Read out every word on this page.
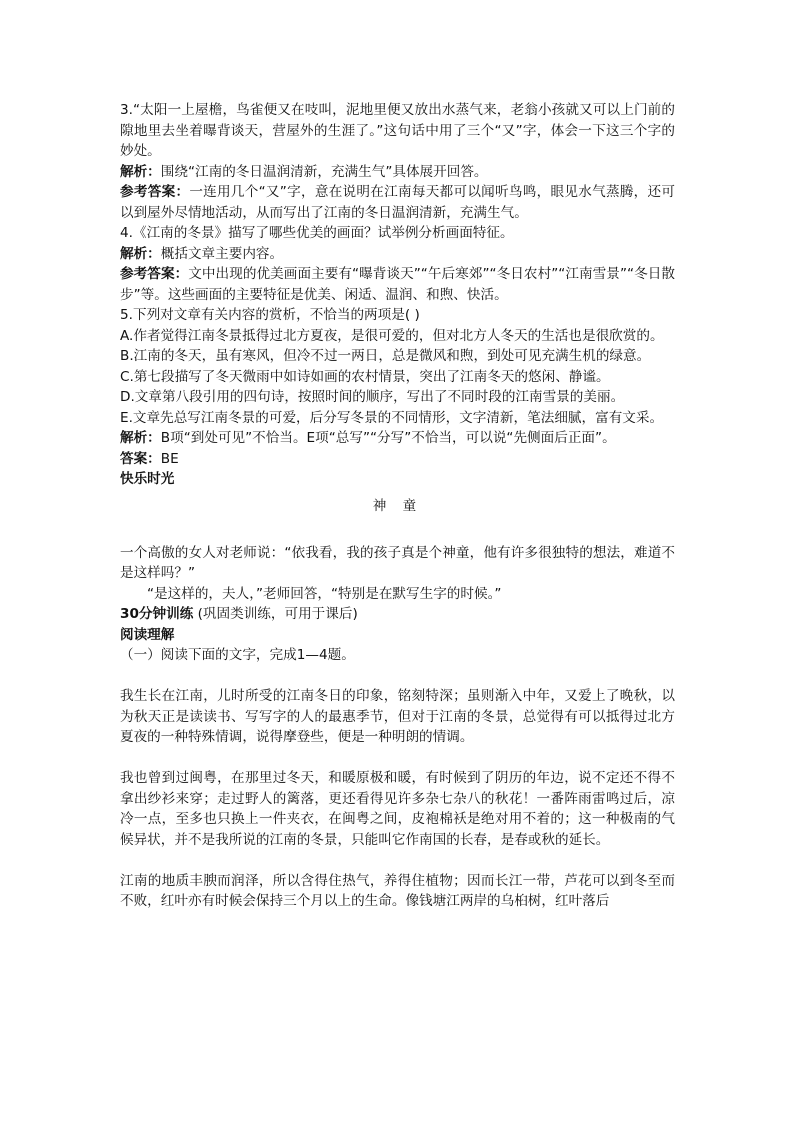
3.“太阳一上屋檐，鸟雀便又在吱叫，泥地里便又放出水蒸气来，老翁小孩就又可以上门前的隙地里去坐着曝背谈天，营屋外的生涯了。”这句话中用了三个“又”字，体会一下这三个字的妙处。

解析：围绕“江南的冬日温润清新，充满生气”具体展开回答。

参考答案：一连用几个“又”字，意在说明在江南每天都可以闻听鸟鸣，眼见水气蒸腾，还可以到屋外尽情地活动，从而写出了江南的冬日温润清新，充满生气。

4.《江南的冬景》描写了哪些优美的画面？试举例分析画面特征。

解析：概括文章主要内容。

参考答案：文中出现的优美画面主要有“曝背谈天”“午后寒郊”“冬日农村”“江南雪景”“冬日散步”等。这些画面的主要特征是优美、闲适、温润、和煦、快活。

5.下列对文章有关内容的赏析，不恰当的两项是( )

A.作者觉得江南冬景抵得过北方夏夜，是很可爱的，但对北方人冬天的生活也是很欣赏的。

B.江南的冬天，虽有寒风，但冷不过一两日，总是微风和煦，到处可见充满生机的绿意。

C.第七段描写了冬天微雨中如诗如画的农村情景，突出了江南冬天的悠闲、静谧。

D.文章第八段引用的四句诗，按照时间的顺序，写出了不同时段的江南雪景的美丽。

E.文章先总写江南冬景的可爱，后分写冬景的不同情形，文字清新，笔法细腻，富有文采。

解析：B项“到处可见”不恰当。E项“总写”“分写”不恰当，可以说“先侧面后正面”。

答案：BE

快乐时光

神 童

一个高傲的女人对老师说：“依我看，我的孩子真是个神童，他有许多很独特的想法，难道不是这样吗？”

“是这样的，夫人，”老师回答，“特别是在默写生字的时候。”

30分钟训练 (巩固类训练，可用于课后)

阅读理解

（一）阅读下面的文字，完成1—4题。

我生长在江南，儿时所受的江南冬日的印象，铭刻特深；虽则渐入中年，又爱上了晚秋，以为秋天正是读读书、写写字的人的最惠季节，但对于江南的冬景，总觉得有可以抵得过北方夏夜的一种特殊情调，说得摩登些，便是一种明朗的情调。

我也曾到过闽粤，在那里过冬天，和暖原极和暖，有时候到了阴历的年边，说不定还不得不拿出纱衫来穿；走过野人的篱落，更还看得见许多杂七杂八的秋花！一番阵雨雷鸣过后，凉冷一点，至多也只换上一件夹衣，在闽粤之间，皮袍棉袄是绝对用不着的；这一种极南的气候异状，并不是我所说的江南的冬景，只能叫它作南国的长春，是春或秋的延长。

江南的地质丰腴而润泽，所以含得住热气，养得住植物；因而长江一带，芦花可以到冬至而不败，红叶亦有时候会保持三个月以上的生命。像钱塘江两岸的乌桕树，红叶落后
